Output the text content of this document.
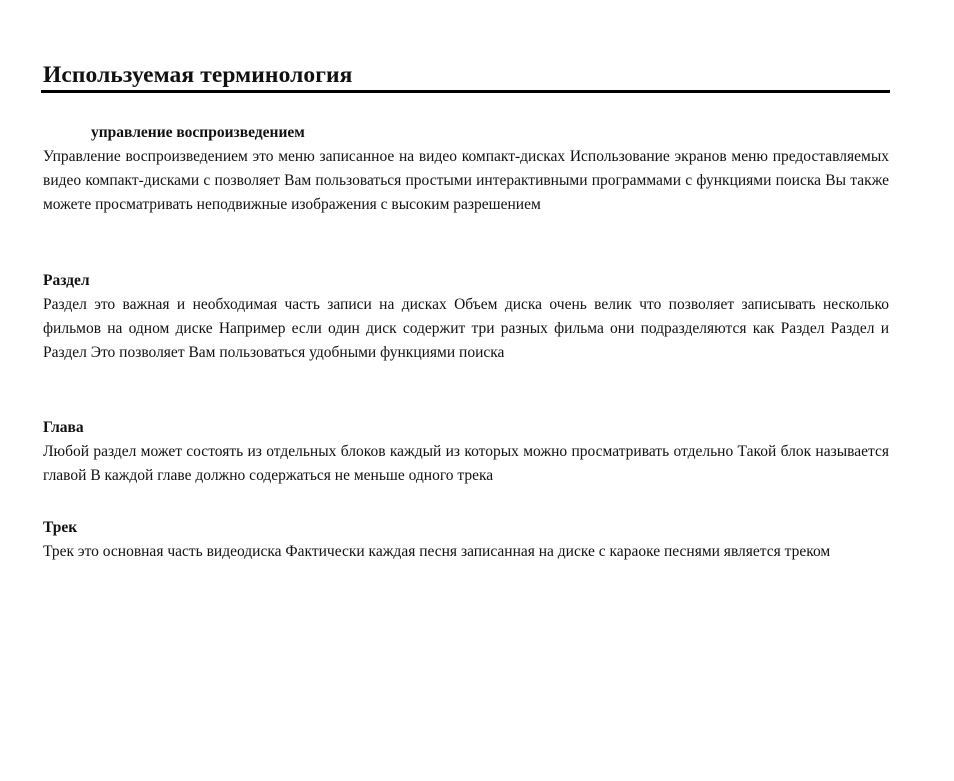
Используемая терминология

управление воспроизведением

Управление воспроизведением это меню записанное на видео компакт-дисках Использование экранов меню предоставляемых видео компакт-дисками с позволяет Вам пользоваться простыми интерактивными программами с функциями поиска Вы также можете просматривать неподвижные изображения с высоким разрешением

Раздел

Раздел это важная и необходимая часть записи на дисках Объем диска очень велик что позволяет записывать несколько фильмов на одном диске Например если один диск содержит три разных фильма они подразделяются как Раздел Раздел и Раздел Это позволяет Вам пользоваться удобными функциями поиска

Глава

Любой раздел может состоять из отдельных блоков каждый из которых можно просматривать отдельно Такой блок называется главой В каждой главе должно содержаться не меньше одного трека

Трек

Трек это основная часть видеодиска Фактически каждая песня записанная на диске с караоке песнями является треком
